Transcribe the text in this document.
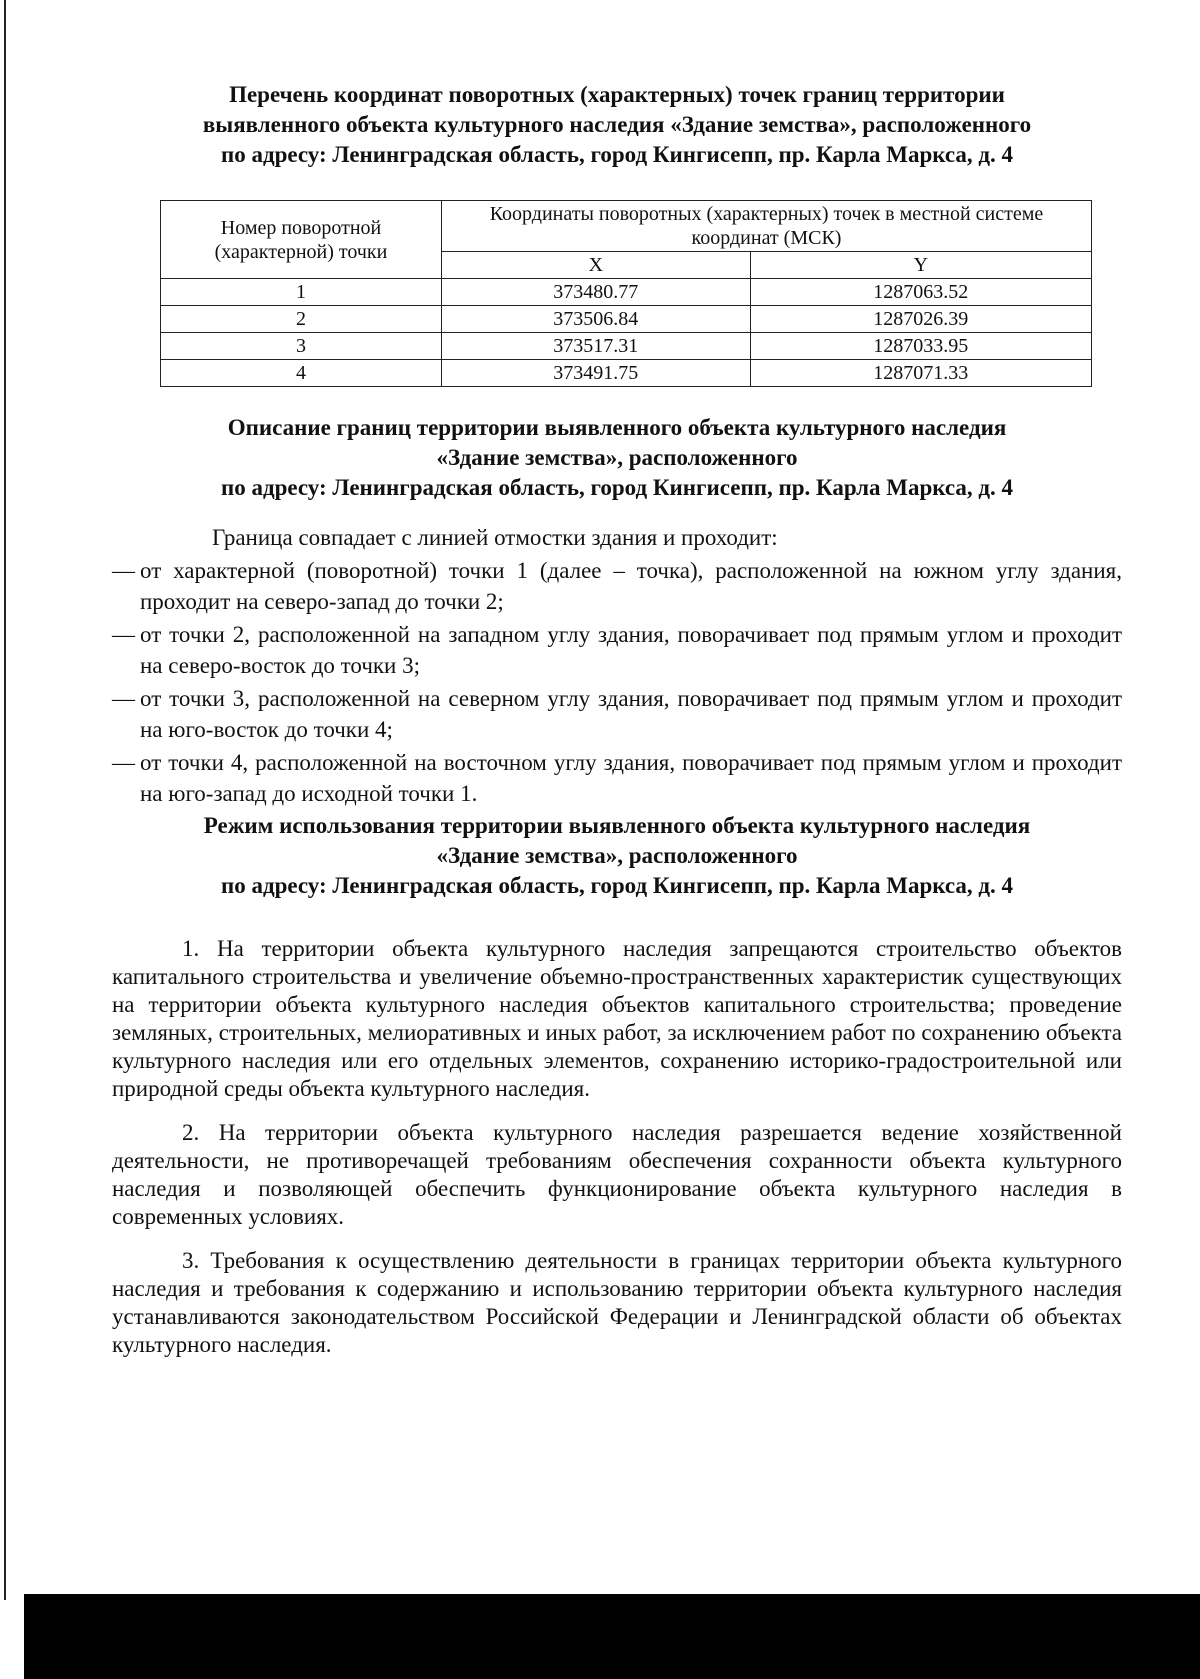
Перечень координат поворотных (характерных) точек границ территории
выявленного объекта культурного наследия «Здание земства», расположенного
по адресу: Ленинградская область, город Кингисепп, пр. Карла Маркса, д. 4
Номер поворотной (характерной) точки	Координаты поворотных (характерных) точек в местной системе координат (МСК)	
	X	Y
1	373480.77	1287063.52
2	373506.84	1287026.39
3	373517.31	1287033.95
4	373491.75	1287071.33
Описание границ территории выявленного объекта культурного наследия
«Здание земства», расположенного
по адресу: Ленинградская область, город Кингисепп, пр. Карла Маркса, д. 4

Граница совпадает с линией отмостки здания и проходит:

— от характерной (поворотной) точки 1 (далее – точка), расположенной на южном углу здания, проходит на северо-запад до точки 2;
— от точки 2, расположенной на западном углу здания, поворачивает под прямым углом и проходит на северо-восток до точки 3;
— от точки 3, расположенной на северном углу здания, поворачивает под прямым углом и проходит на юго-восток до точки 4;
— от точки 4, расположенной на восточном углу здания, поворачивает под прямым углом и проходит на юго-запад до исходной точки 1.
Режим использования территории выявленного объекта культурного наследия
«Здание земства», расположенного
по адресу: Ленинградская область, город Кингисепп, пр. Карла Маркса, д. 4

1. На территории объекта культурного наследия запрещаются строительство объектов капитального строительства и увеличение объемно-пространственных характеристик существующих на территории объекта культурного наследия объектов капитального строительства; проведение земляных, строительных, мелиоративных и иных работ, за исключением работ по сохранению объекта культурного наследия или его отдельных элементов, сохранению историко-градостроительной или природной среды объекта культурного наследия.

2. На территории объекта культурного наследия разрешается ведение хозяйственной деятельности, не противоречащей требованиям обеспечения сохранности объекта культурного наследия и позволяющей обеспечить функционирование объекта культурного наследия в современных условиях.

3. Требования к осуществлению деятельности в границах территории объекта культурного наследия и требования к содержанию и использованию территории объекта культурного наследия устанавливаются законодательством Российской Федерации и Ленинградской области об объектах культурного наследия.
